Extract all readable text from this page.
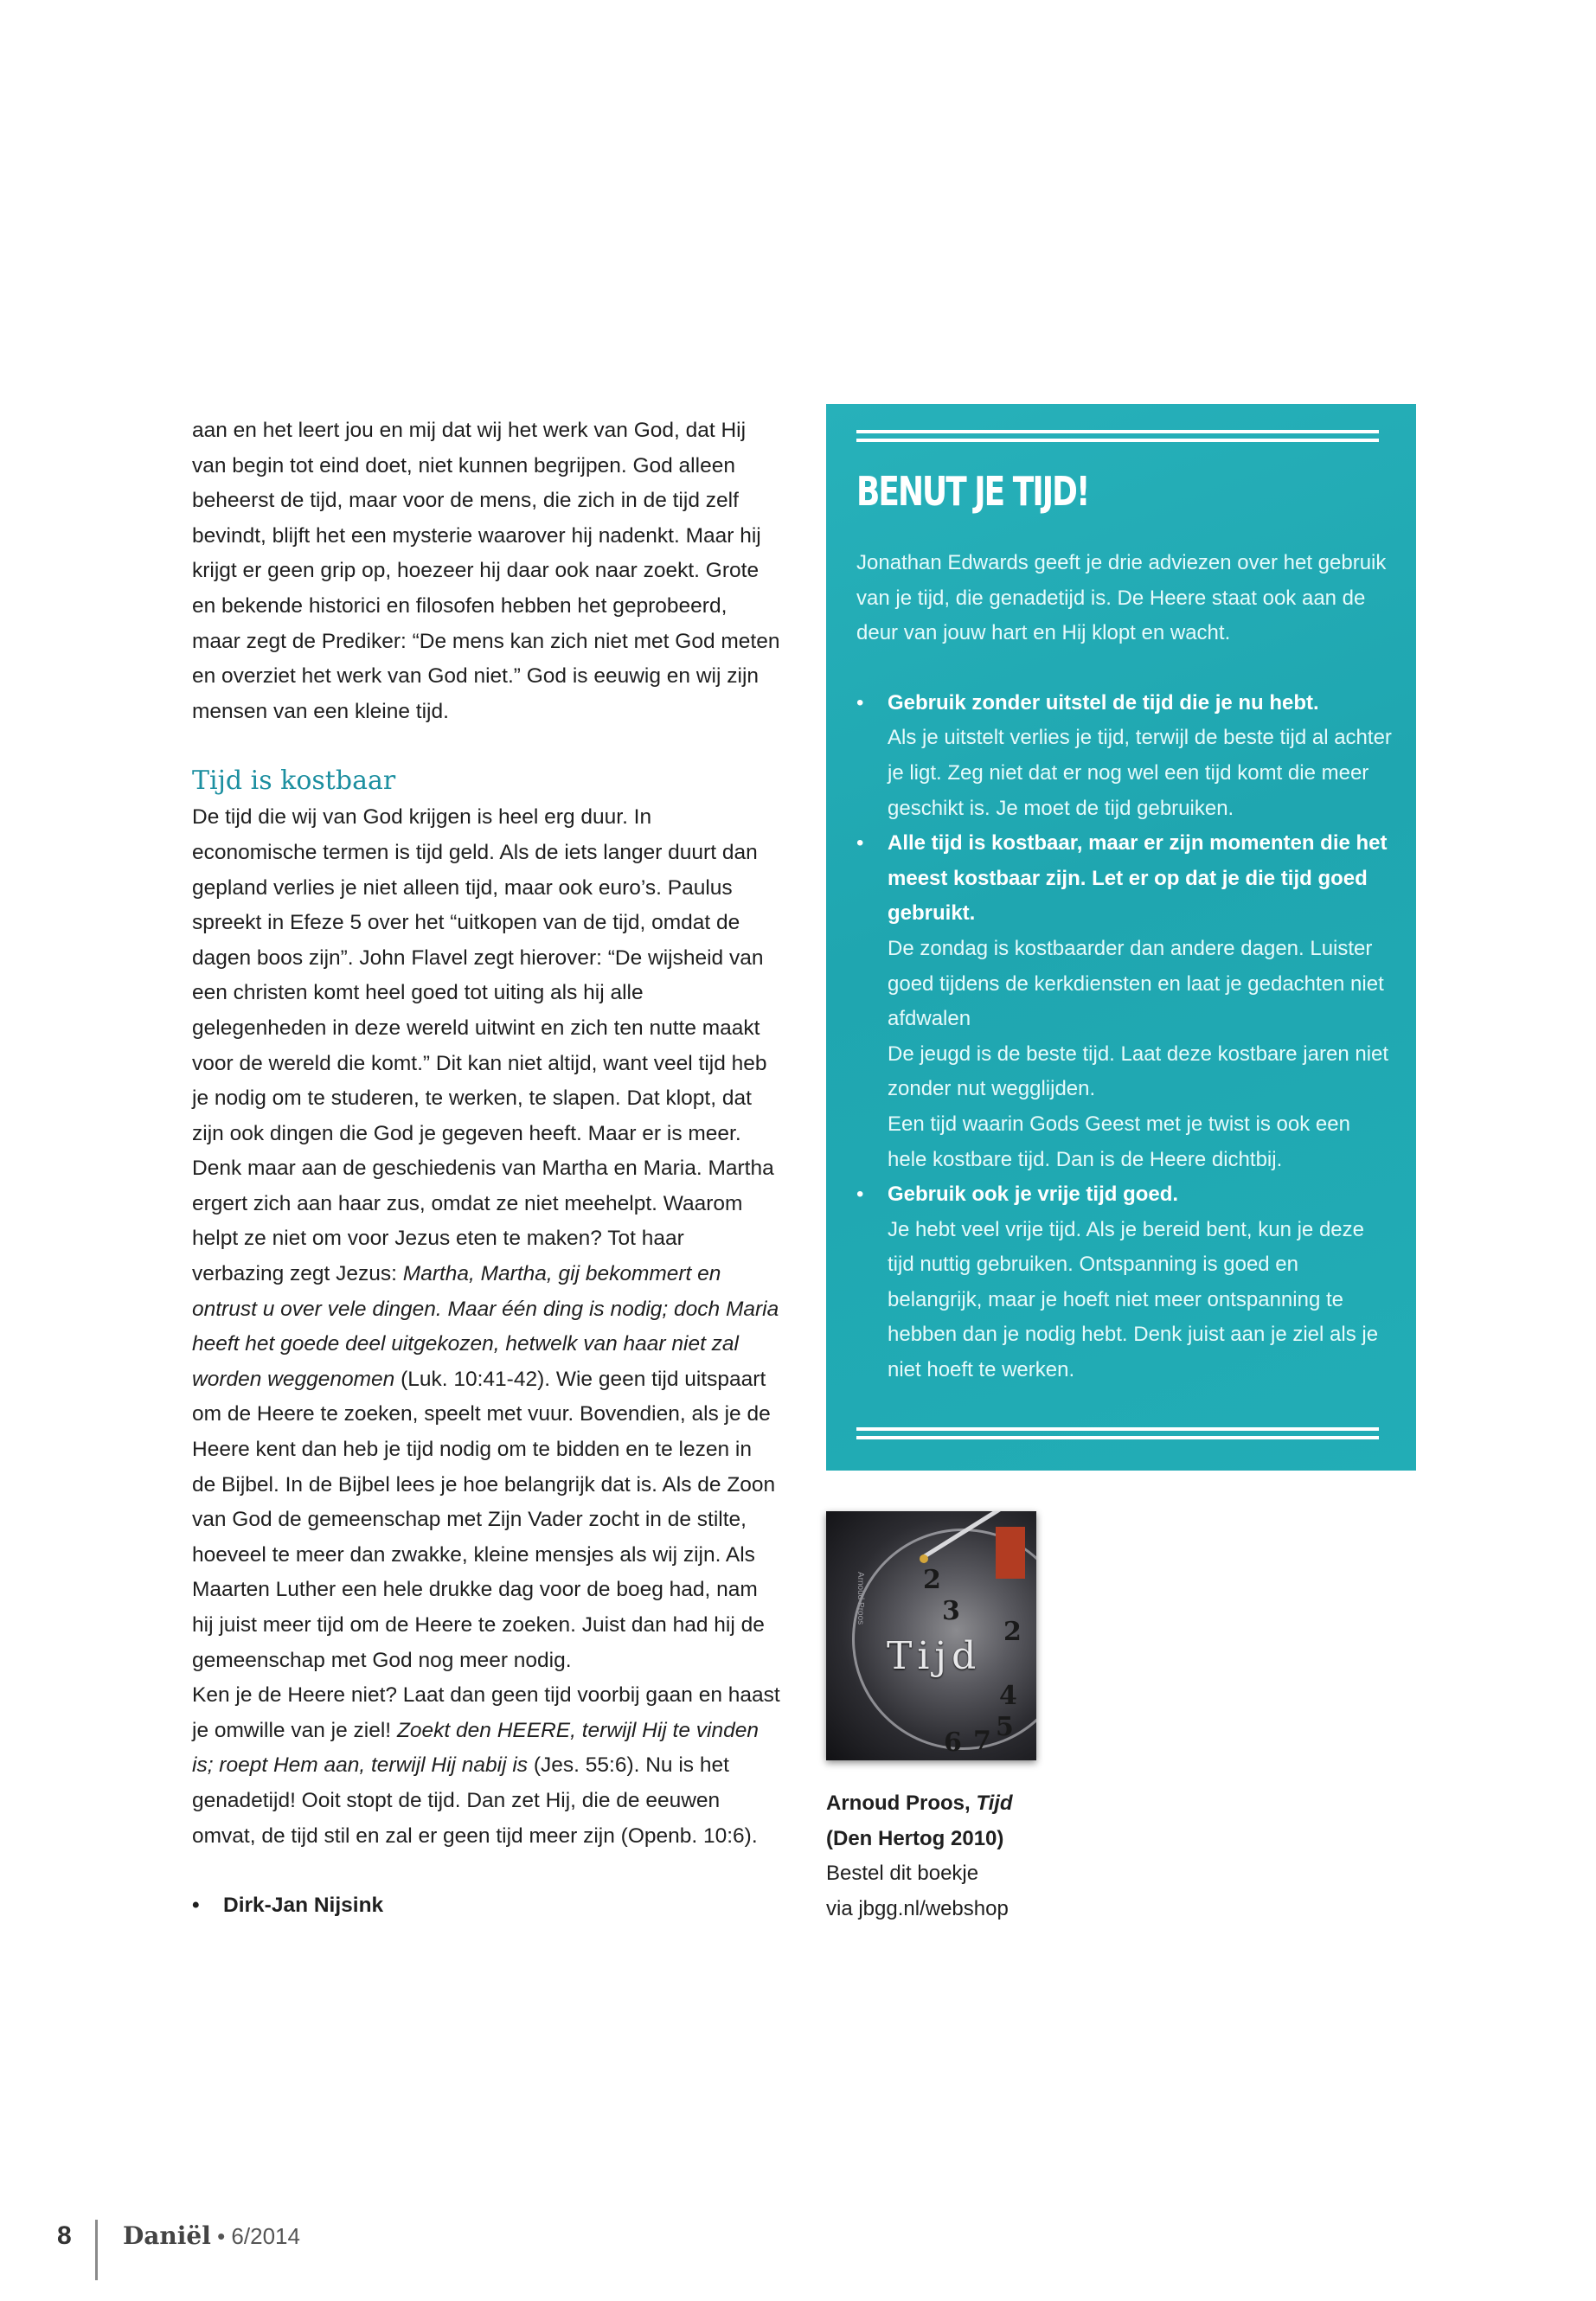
aan en het leert jou en mij dat wij het werk van God, dat Hij van begin tot eind doet, niet kunnen begrijpen. God alleen beheerst de tijd, maar voor de mens, die zich in de tijd zelf bevindt, blijft het een mysterie waarover hij nadenkt. Maar hij krijgt er geen grip op, hoezeer hij daar ook naar zoekt. Grote en bekende historici en filosofen hebben het geprobeerd, maar zegt de Prediker: “De mens kan zich niet met God meten en overziet het werk van God niet.” God is eeuwig en wij zijn mensen van een kleine tijd.

Tijd is kostbaar

De tijd die wij van God krijgen is heel erg duur. In economische termen is tijd geld. Als de iets langer duurt dan gepland verlies je niet alleen tijd, maar ook euro’s. Paulus spreekt in Efeze 5 over het “uitkopen van de tijd, omdat de dagen boos zijn”. John Flavel zegt hierover: “De wijsheid van een christen komt heel goed tot uiting als hij alle gelegenheden in deze wereld uitwint en zich ten nutte maakt voor de wereld die komt.” Dit kan niet altijd, want veel tijd heb je nodig om te studeren, te werken, te slapen. Dat klopt, dat zijn ook dingen die God je gegeven heeft. Maar er is meer. Denk maar aan de geschiedenis van Martha en Maria. Martha ergert zich aan haar zus, omdat ze niet meehelpt. Waarom helpt ze niet om voor Jezus eten te maken? Tot haar verbazing zegt Jezus: Martha, Martha, gij bekommert en ontrust u over vele dingen. Maar één ding is nodig; doch Maria heeft het goede deel uitgekozen, hetwelk van haar niet zal worden weggenomen (Luk. 10:41-42). Wie geen tijd uitspaart om de Heere te zoeken, speelt met vuur. Bovendien, als je de Heere kent dan heb je tijd nodig om te bidden en te lezen in de Bijbel. In de Bijbel lees je hoe belangrijk dat is. Als de Zoon van God de gemeenschap met Zijn Vader zocht in de stilte, hoeveel te meer dan zwakke, kleine mensjes als wij zijn. Als Maarten Luther een hele drukke dag voor de boeg had, nam hij juist meer tijd om de Heere te zoeken. Juist dan had hij de gemeenschap met God nog meer nodig.

Ken je de Heere niet? Laat dan geen tijd voorbij gaan en haast je omwille van je ziel! Zoekt den HEERE, terwijl Hij te vinden is; roept Hem aan, terwijl Hij nabij is (Jes. 55:6). Nu is het genadetijd! Ooit stopt de tijd. Dan zet Hij, die de eeuwen omvat, de tijd stil en zal er geen tijd meer zijn (Openb. 10:6).

• Dirk-Jan Nijsink

BENUT JE TIJD!

Jonathan Edwards geeft je drie adviezen over het gebruik van je tijd, die genadetijd is. De Heere staat ook aan de deur van jouw hart en Hij klopt en wacht.

• Gebruik zonder uitstel de tijd die je nu hebt.

Als je uitstelt verlies je tijd, terwijl de beste tijd al achter je ligt. Zeg niet dat er nog wel een tijd komt die meer geschikt is. Je moet de tijd gebruiken.

• Alle tijd is kostbaar, maar er zijn momenten die het meest kostbaar zijn. Let er op dat je die tijd goed gebruikt.

De zondag is kostbaarder dan andere dagen. Luister goed tijdens de kerkdiensten en laat je gedachten niet afdwalen

De jeugd is de beste tijd. Laat deze kostbare jaren niet zonder nut wegglijden.

Een tijd waarin Gods Geest met je twist is ook een hele kostbare tijd. Dan is de Heere dichtbij.

• Gebruik ook je vrije tijd goed.

Je hebt veel vrije tijd. Als je bereid bent, kun je deze tijd nuttig gebruiken. Ontspanning is goed en belangrijk, maar je hoeft niet meer ontspanning te hebben dan je nodig hebt. Denk juist aan je ziel als je niet hoeft te werken.

Arnoud Proos 2
3
2
4
5
7
6
Tijd
Arnoud Proos, Tijd
(Den Hertog 2010)
Bestel dit boekje
via jbgg.nl/webshop
8 Daniël • 6/2014
